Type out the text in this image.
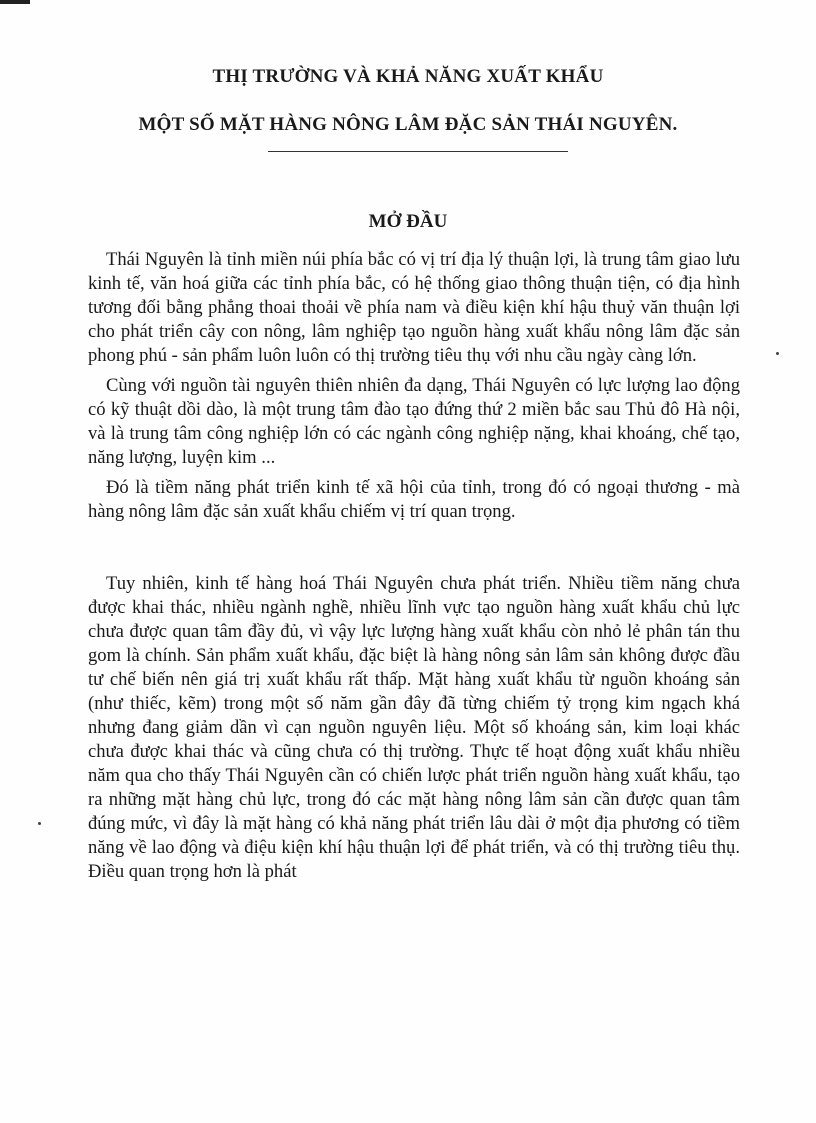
THỊ TRƯỜNG VÀ KHẢ NĂNG XUẤT KHẨU
MỘT SỐ MẶT HÀNG NÔNG LÂM ĐẶC SẢN THÁI NGUYÊN.
MỞ ĐẦU

Thái Nguyên là tỉnh miền núi phía bắc có vị trí địa lý thuận lợi, là trung tâm giao lưu kinh tế, văn hoá giữa các tỉnh phía bắc, có hệ thống giao thông thuận tiện, có địa hình tương đối bằng phẳng thoai thoải về phía nam và điều kiện khí hậu thuỷ văn thuận lợi cho phát triển cây con nông, lâm nghiệp tạo nguồn hàng xuất khẩu nông lâm đặc sản phong phú - sản phẩm luôn luôn có thị trường tiêu thụ với nhu cầu ngày càng lớn.

Cùng với nguồn tài nguyên thiên nhiên đa dạng, Thái Nguyên có lực lượng lao động có kỹ thuật dồi dào, là một trung tâm đào tạo đứng thứ 2 miền bắc sau Thủ đô Hà nội, và là trung tâm công nghiệp lớn có các ngành công nghiệp nặng, khai khoáng, chế tạo, năng lượng, luyện kim ...

Đó là tiềm năng phát triển kinh tế xã hội của tỉnh, trong đó có ngoại thương - mà hàng nông lâm đặc sản xuất khẩu chiếm vị trí quan trọng.

Tuy nhiên, kinh tế hàng hoá Thái Nguyên chưa phát triển. Nhiều tiềm năng chưa được khai thác, nhiều ngành nghề, nhiều lĩnh vực tạo nguồn hàng xuất khẩu chủ lực chưa được quan tâm đầy đủ, vì vậy lực lượng hàng xuất khẩu còn nhỏ lẻ phân tán thu gom là chính. Sản phẩm xuất khẩu, đặc biệt là hàng nông sản lâm sản không được đầu tư chế biến nên giá trị xuất khẩu rất thấp. Mặt hàng xuất khẩu từ nguồn khoáng sản (như thiếc, kẽm) trong một số năm gần đây đã từng chiếm tỷ trọng kim ngạch khá nhưng đang giảm dần vì cạn nguồn nguyên liệu. Một số khoáng sản, kim loại khác chưa được khai thác và cũng chưa có thị trường. Thực tế hoạt động xuất khẩu nhiều năm qua cho thấy Thái Nguyên cần có chiến lược phát triển nguồn hàng xuất khẩu, tạo ra những mặt hàng chủ lực, trong đó các mặt hàng nông lâm sản cần được quan tâm đúng mức, vì đây là mặt hàng có khả năng phát triển lâu dài ở một địa phương có tiềm năng về lao động và điệu kiện khí hậu thuận lợi để phát triển, và có thị trường tiêu thụ. Điều quan trọng hơn là phát
